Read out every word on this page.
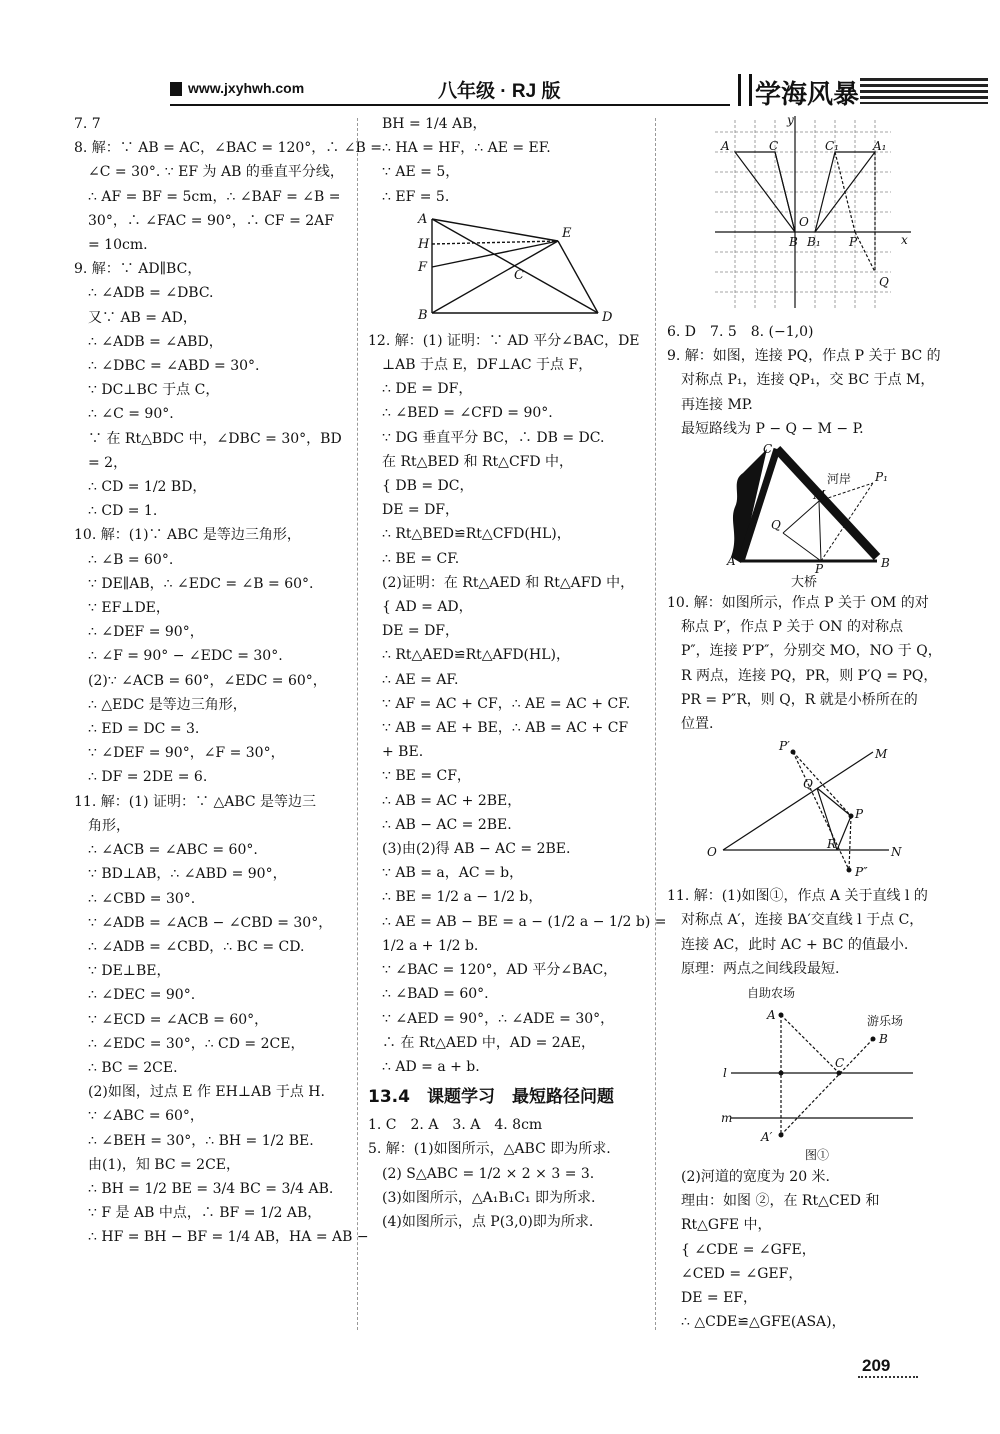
www.jxyhwh.com	八年级 · RJ 版	学海风暴
7. 7
8. 解：∵ AB = AC，∠BAC = 120°，∴ ∠B =
∠C = 30°. ∵ EF 为 AB 的垂直平分线，
∴ AF = BF = 5cm，∴ ∠BAF = ∠B =
30°，∴ ∠FAC = 90°，∴ CF = 2AF
= 10cm.
9. 解：∵ AD∥BC，
∴ ∠ADB = ∠DBC.
又∵ AB = AD，
∴ ∠ADB = ∠ABD，
∴ ∠DBC = ∠ABD = 30°.
∵ DC⊥BC 于点 C，
∴ ∠C = 90°.
∵ 在 Rt△BDC 中，∠DBC = 30°，BD
= 2，
∴ CD = 1/2 BD，
∴ CD = 1.
10. 解：(1)∵ ABC 是等边三角形，
∴ ∠B = 60°.
∵ DE∥AB，∴ ∠EDC = ∠B = 60°.
∵ EF⊥DE，
∴ ∠DEF = 90°，
∴ ∠F = 90° − ∠EDC = 30°.
(2)∵ ∠ACB = 60°，∠EDC = 60°，
∴ △EDC 是等边三角形，
∴ ED = DC = 3.
∵ ∠DEF = 90°，∠F = 30°，
∴ DF = 2DE = 6.
11. 解：(1) 证明：∵ △ABC 是等边三
角形，
∴ ∠ACB = ∠ABC = 60°.
∵ BD⊥AB，∴ ∠ABD = 90°，
∴ ∠CBD = 30°.
∵ ∠ADB = ∠ACB − ∠CBD = 30°，
∴ ∠ADB = ∠CBD，∴ BC = CD.
∵ DE⊥BE，
∴ ∠DEC = 90°.
∵ ∠ECD = ∠ACB = 60°，
∴ ∠EDC = 30°，∴ CD = 2CE，
∴ BC = 2CE.
(2)如图，过点 E 作 EH⊥AB 于点 H.
∵ ∠ABC = 60°，
∴ ∠BEH = 30°，∴ BH = 1/2 BE.
由(1)，知 BC = 2CE，
∴ BH = 1/2 BE = 3/4 BC = 3/4 AB.
∵ F 是 AB 中点，∴ BF = 1/2 AB，
∴ HF = BH − BF = 1/4 AB，HA = AB −
BH = 1/4 AB，
∴ HA = HF，∴ AE = EF.
∵ AE = 5，
∴ EF = 5.
A
H
F
B
E
C
D
12. 解：(1) 证明：∵ AD 平分∠BAC，DE
⊥AB 于点 E，DF⊥AC 于点 F，
∴ DE = DF，
∴ ∠BED = ∠CFD = 90°.
∵ DG 垂直平分 BC，∴ DB = DC.
在 Rt△BED 和 Rt△CFD 中，
{ DB = DC，
DE = DF，
∴ Rt△BED≌Rt△CFD(HL)，
∴ BE = CF.
(2)证明：在 Rt△AED 和 Rt△AFD 中，
{ AD = AD，
DE = DF，
∴ Rt△AED≌Rt△AFD(HL)，
∴ AE = AF.
∵ AF = AC + CF，∴ AE = AC + CF.
∵ AB = AE + BE，∴ AB = AC + CF
+ BE.
∵ BE = CF，
∴ AB = AC + 2BE，
∴ AB − AC = 2BE.
(3)由(2)得 AB − AC = 2BE.
∵ AB = a，AC = b，
∴ BE = 1/2 a − 1/2 b，
∴ AE = AB − BE = a − (1/2 a − 1/2 b) =
1/2 a + 1/2 b.
∵ ∠BAC = 120°，AD 平分∠BAC，
∴ ∠BAD = 60°.
∵ ∠AED = 90°，∴ ∠ADE = 30°，
∴ 在 Rt△AED 中，AD = 2AE，
∴ AD = a + b.
13.4　课题学习　最短路径问题
1. C　2. A　3. A　4. 8cm
5. 解：(1)如图所示，△ABC 即为所求.
(2) S△ABC = 1/2 × 2 × 3 = 3.
(3)如图所示，△A₁B₁C₁ 即为所求.
(4)如图所示，点 P(3,0)即为所求.
y
x
A	C	C₁	A₁
O
B B₁ P
Q
6. D　7. 5　8. (−1,0)
9. 解：如图，连接 PQ，作点 P 关于 BC 的
对称点 P₁，连接 QP₁，交 BC 于点 M，
再连接 MP.
最短路线为 P − Q − M − P.
C
M
Q
A	B
P
P₁
河岸
大桥
10. 解：如图所示，作点 P 关于 OM 的对
称点 P′，作点 P 关于 ON 的对称点
P″，连接 P′P″，分别交 MO，NO 于 Q，
R 两点，连接 PQ，PR，则 P′Q = PQ，
PR = P″R，则 Q，R 就是小桥所在的
位置.
P′
M
Q
P
O
R
N
P″
11. 解：(1)如图①，作点 A 关于直线 l 的
对称点 A′，连接 BA′交直线 l 于点 C，
连接 AC，此时 AC + BC 的值最小.
原理：两点之间线段最短.
自助农场
游乐场
A
B
C
l
m
A′
图①
(2)河道的宽度为 20 米.
理由：如图 ②，在 Rt△CED 和
Rt△GFE 中，
{ ∠CDE = ∠GFE，
∠CED = ∠GEF，
DE = EF，
∴ △CDE≌△GFE(ASA)，
209
